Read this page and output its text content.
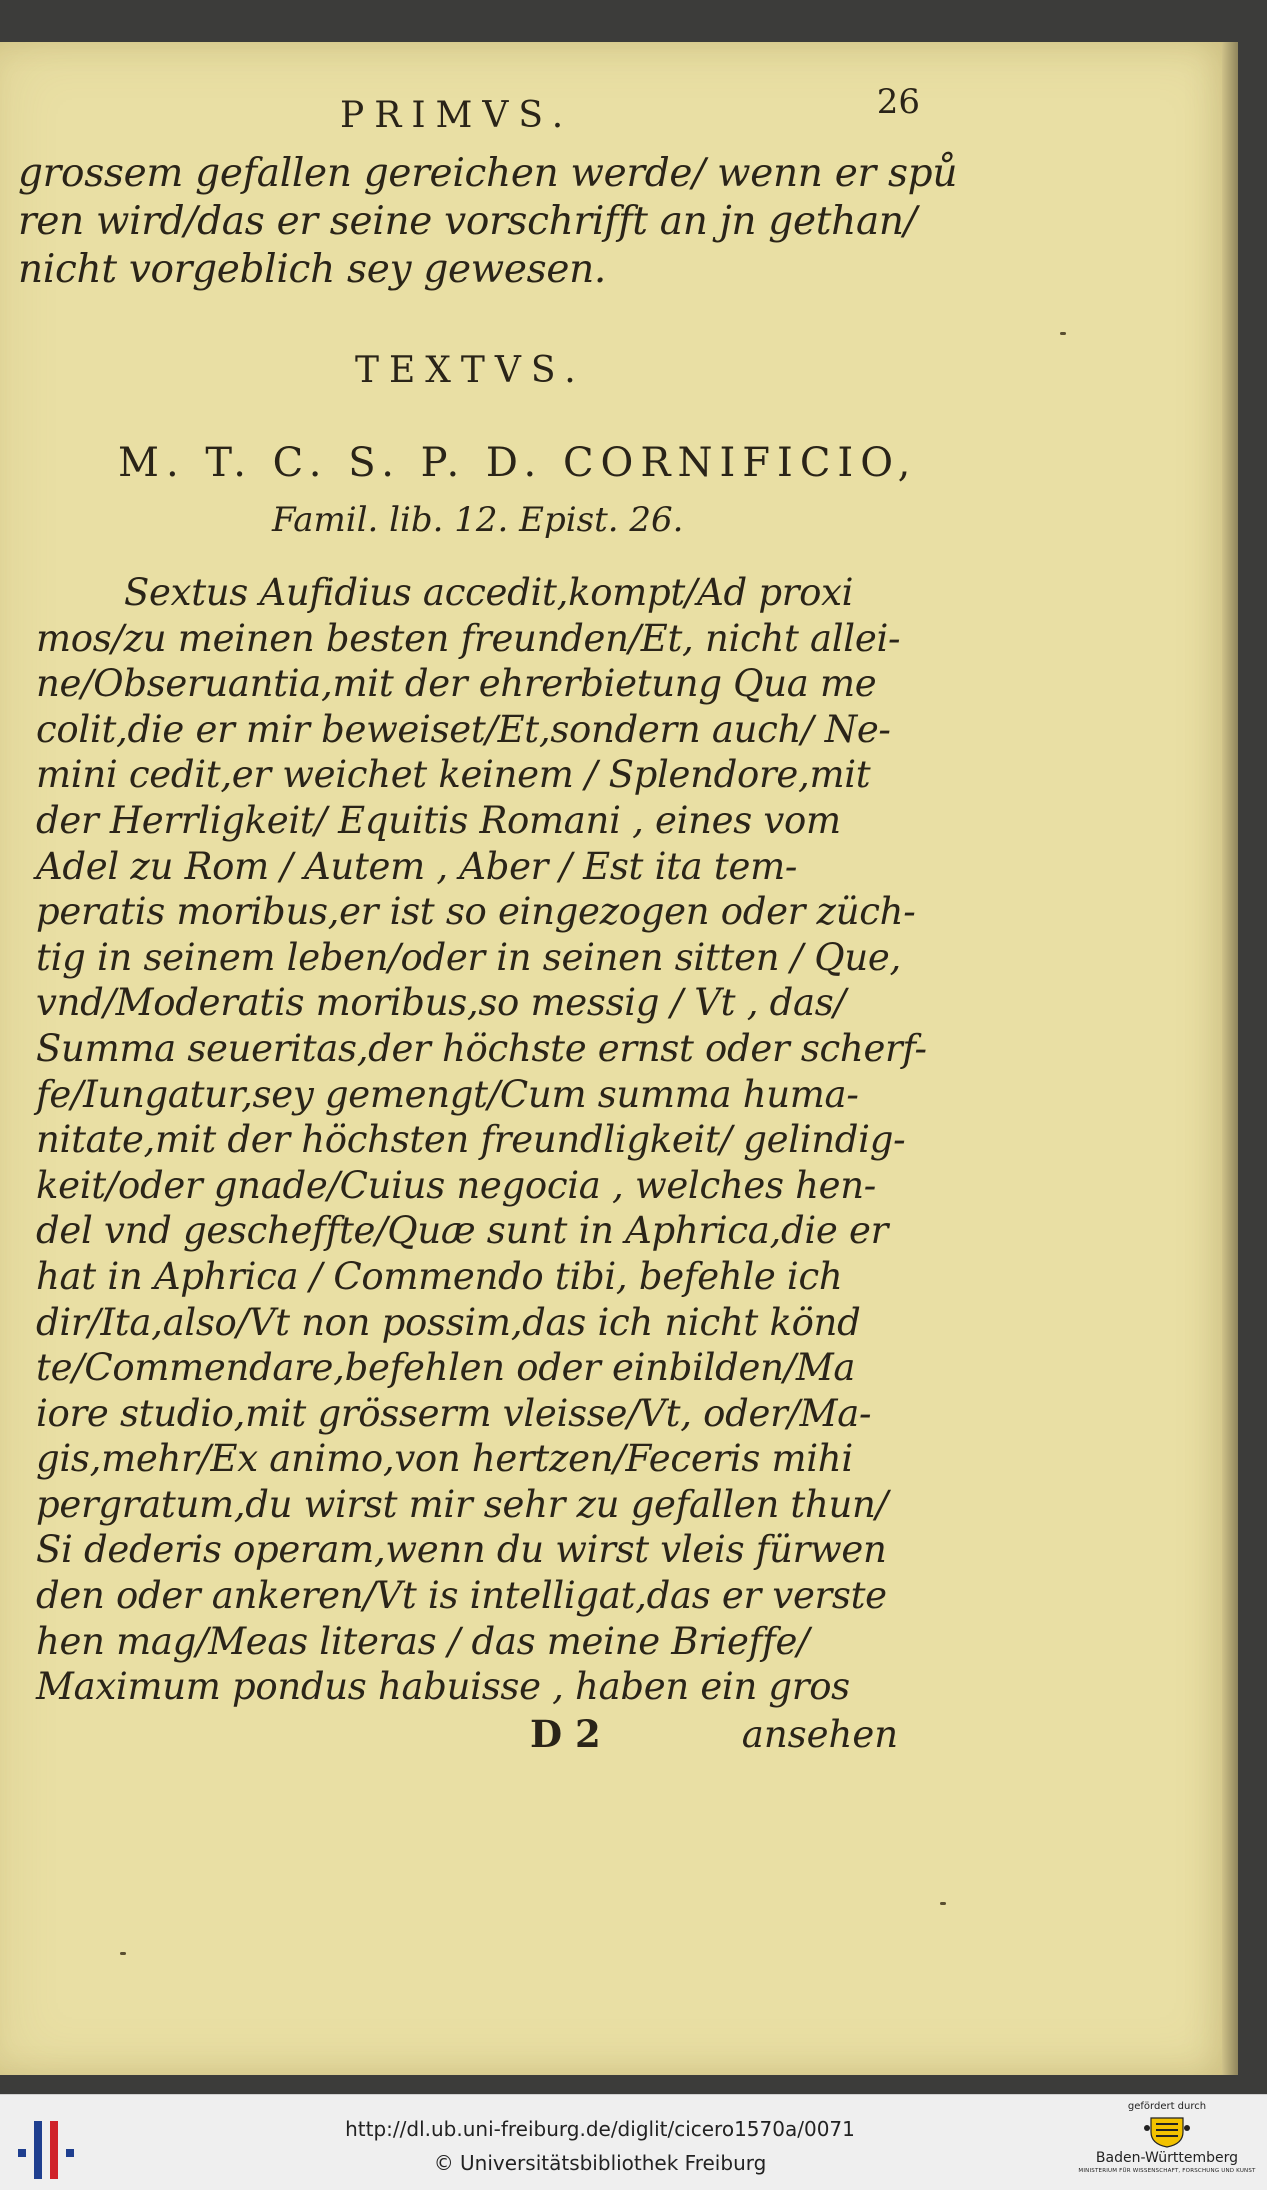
PRIMVS.	26
grossem gefallen gereichen werde/ wenn er spů
ren wird/das er seine vorschrifft an jn gethan/
nicht vorgeblich sey gewesen.
TEXTVS.
M. T. C. S. P. D. CORNIFICIO,
Famil. lib. 12. Epist. 26.
Sextus Aufidius accedit,kompt/Ad proxi
mos/zu meinen besten freunden/Et, nicht allei-
ne/Obseruantia,mit der ehrerbietung Qua me
colit,die er mir beweiset/Et,sondern auch/ Ne-
mini cedit,er weichet keinem / Splendore,mit
der Herrligkeit/ Equitis Romani , eines vom
Adel zu Rom / Autem , Aber / Est ita tem-
peratis moribus,er ist so eingezogen oder züch-
tig in seinem leben/oder in seinen sitten / Que,
vnd/Moderatis moribus,so messig / Vt , das/
Summa seueritas,der höchste ernst oder scherf-
fe/Iungatur,sey gemengt/Cum summa huma-
nitate,mit der höchsten freundligkeit/ gelindig-
keit/oder gnade/Cuius negocia , welches hen-
del vnd gescheffte/Quæ sunt in Aphrica,die er
hat in Aphrica / Commendo tibi, befehle ich
dir/Ita,also/Vt non possim,das ich nicht könd
te/Commendare,befehlen oder einbilden/Ma
iore studio,mit grösserm vleisse/Vt, oder/Ma-
gis,mehr/Ex animo,von hertzen/Feceris mihi
pergratum,du wirst mir sehr zu gefallen thun/
Si dederis operam,wenn du wirst vleis fürwen
den oder ankeren/Vt is intelligat,das er verste
hen mag/Meas literas / das meine Brieffe/
Maximum pondus habuisse , haben ein gros
D 2	ansehen
http://dl.ub.uni-freiburg.de/diglit/cicero1570a/0071
© Universitätsbibliothek Freiburg
gefördert durch
Baden-Württemberg
MINISTERIUM FÜR WISSENSCHAFT, FORSCHUNG UND KUNST
